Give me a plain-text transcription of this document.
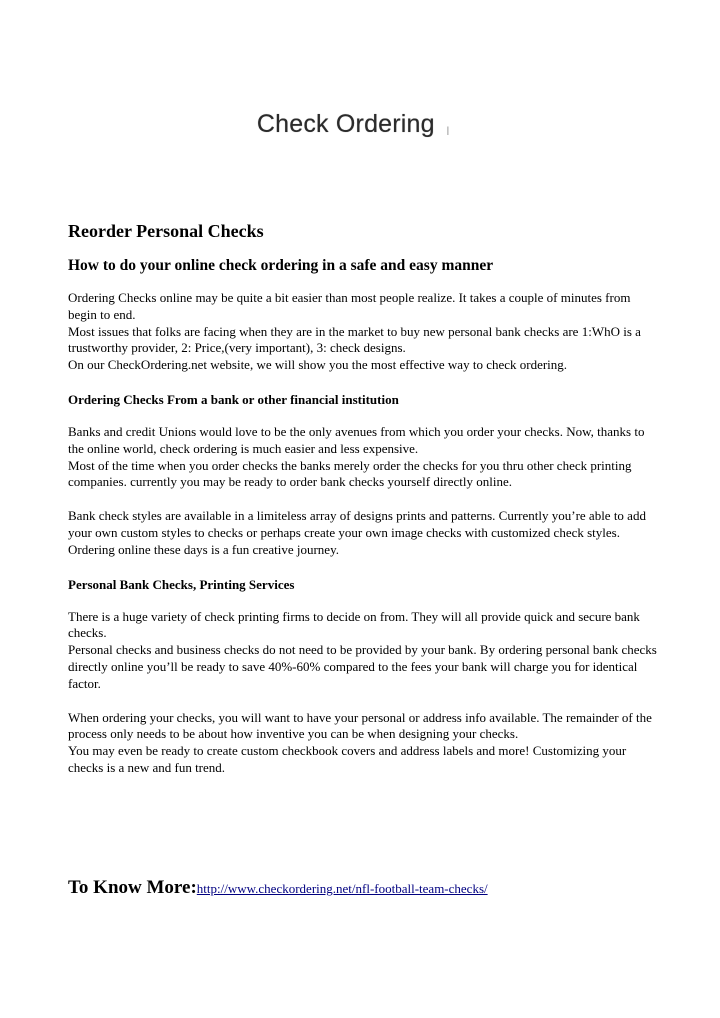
Check Ordering |
Reorder Personal Checks
How to do your online check ordering in a safe and easy manner

Ordering Checks online may be quite a bit easier than most people realize. It takes a couple of minutes from begin to end.

Most issues that folks are facing when they are in the market to buy new personal bank checks are 1:WhO is a trustworthy provider, 2: Price,(very important), 3: check designs.

On our CheckOrdering.net website, we will show you the most effective way to check ordering.

Ordering Checks From a bank or other financial institution

Banks and credit Unions would love to be the only avenues from which you order your checks. Now, thanks to the online world, check ordering is much easier and less expensive.

Most of the time when you order checks the banks merely order the checks for you thru other check printing companies. currently you may be ready to order bank checks yourself directly online.

Bank check styles are available in a limiteless array of designs prints and patterns. Currently you’re able to add your own custom styles to checks or perhaps create your own image checks with customized check styles. Ordering online these days is a fun creative journey.

Personal Bank Checks, Printing Services

There is a huge variety of check printing firms to decide on from. They will all provide quick and secure bank checks.

Personal checks and business checks do not need to be provided by your bank. By ordering personal bank checks directly online you’ll be ready to save 40%-60% compared to the fees your bank will charge you for identical factor.

When ordering your checks, you will want to have your personal or address info available. The remainder of the process only needs to be about how inventive you can be when designing your checks.

You may even be ready to create custom checkbook covers and address labels and more! Customizing your checks is a new and fun trend.

To Know More:http://www.checkordering.net/nfl-football-team-checks/
